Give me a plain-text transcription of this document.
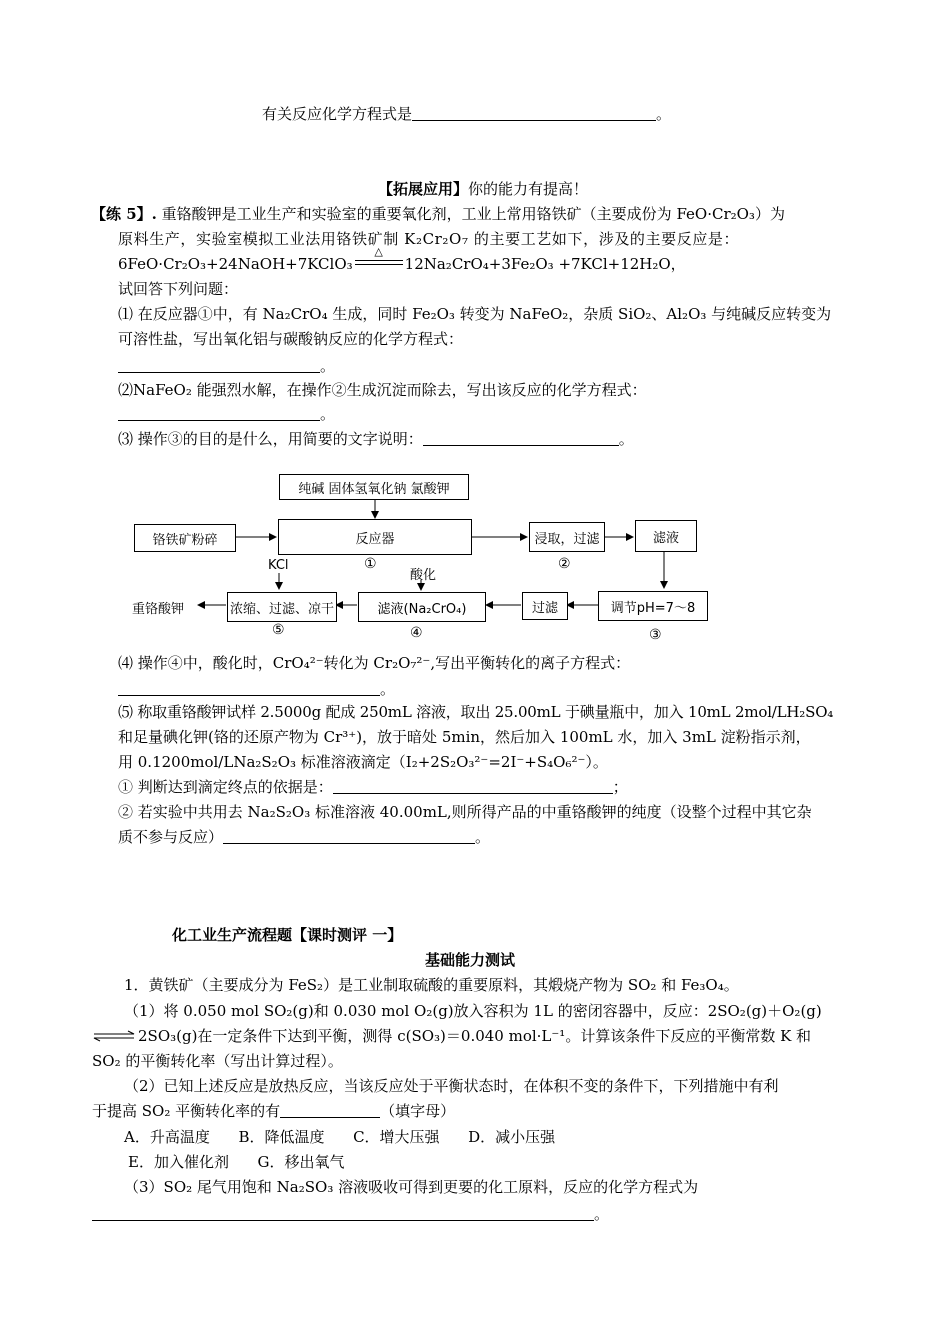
有关反应化学方程式是	。
【拓展应用】你的能力有提高！
【练 5】. 重铬酸钾是工业生产和实验室的重要氧化剂，工业上常用铬铁矿（主要成份为 FeO·Cr₂O₃）为
原料生产，实验室模拟工业法用铬铁矿制 K₂Cr₂O₇ 的主要工艺如下，涉及的主要反应是：
6FeO·Cr₂O₃+24NaOH+7KClO₃
△
12Na₂CrO₄+3Fe₂O₃ +7KCl+12H₂O，
试回答下列问题：
⑴ 在反应器①中，有 Na₂CrO₄ 生成，同时 Fe₂O₃ 转变为 NaFeO₂，杂质 SiO₂、Al₂O₃ 与纯碱反应转变为
可溶性盐，写出氧化铝与碳酸钠反应的化学方程式：
。
⑵NaFeO₂ 能强烈水解，在操作②生成沉淀而除去，写出该反应的化学方程式：
。
⑶ 操作③的目的是什么，用简要的文字说明：	。
纯碱 固体氢氧化钠 氯酸钾
铬铁矿粉碎	反应器	浸取，过滤	滤液
调节pH=7～8
过滤
滤液(Na₂CrO₄)
浓缩、过滤、凉干
重铬酸钾
KCl
酸化
①	②
③
④
⑤
⑷ 操作④中，酸化时，CrO₄²⁻转化为 Cr₂O₇²⁻,写出平衡转化的离子方程式：
。
⑸ 称取重铬酸钾试样 2.5000g 配成 250mL 溶液，取出 25.00mL 于碘量瓶中，加入 10mL 2mol/LH₂SO₄
和足量碘化钾(铬的还原产物为 Cr³⁺)，放于暗处 5min，然后加入 100mL 水，加入 3mL 淀粉指示剂，
用 0.1200mol/LNa₂S₂O₃ 标准溶液滴定（I₂+2S₂O₃²⁻=2I⁻+S₄O₆²⁻）。
① 判断达到滴定终点的依据是：	；
② 若实验中共用去 Na₂S₂O₃ 标准溶液 40.00mL,则所得产品的中重铬酸钾的纯度（设整个过程中其它杂
质不参与反应）	。
化工业生产流程题【课时测评 一】
基础能力测试
1．黄铁矿（主要成分为 FeS₂）是工业制取硫酸的重要原料，其煅烧产物为 SO₂ 和 Fe₃O₄。
（1）将 0.050 mol SO₂(g)和 0.030 mol O₂(g)放入容积为 1L 的密闭容器中，反应：2SO₂(g)＋O₂(g)
⇌2SO₃(g)在一定条件下达到平衡，测得 c(SO₃)＝0.040 mol·L⁻¹。计算该条件下反应的平衡常数 K 和
SO₂ 的平衡转化率（写出计算过程）。
（2）已知上述反应是放热反应，当该反应处于平衡状态时，在体积不变的条件下，下列措施中有利
于提高 SO₂ 平衡转化率的有	（填字母）
A．升高温度      B．降低温度      C．增大压强      D．减小压强
E．加入催化剂      G．移出氧气
（3）SO₂ 尾气用饱和 Na₂SO₃ 溶液吸收可得到更要的化工原料，反应的化学方程式为
。
